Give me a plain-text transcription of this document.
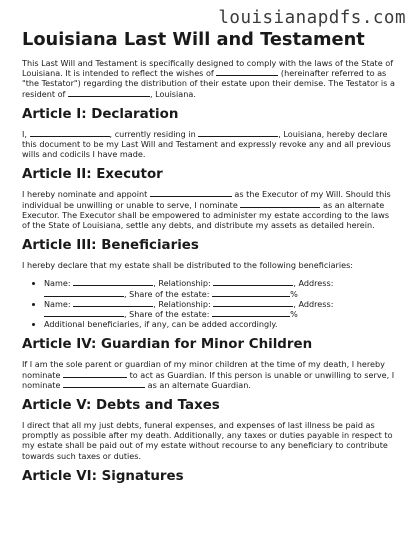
louisianapdfs.com
Louisiana Last Will and Testament

This Last Will and Testament is specifically designed to comply with the laws of the State of Louisiana. It is intended to reflect the wishes of	(hereinafter referred to as "the Testator") regarding the distribution of their estate upon their demise. The Testator is a resident of	, Louisiana.

Article I: Declaration

I,	, currently residing in	, Louisiana, hereby declare this document to be my Last Will and Testament and expressly revoke any and all previous wills and codicils I have made.

Article II: Executor

I hereby nominate and appoint	as the Executor of my Will. Should this individual be unwilling or unable to serve, I nominate	as an alternate Executor. The Executor shall be empowered to administer my estate according to the laws of the State of Louisiana, settle any debts, and distribute my assets as detailed herein.

Article III: Beneficiaries

I hereby declare that my estate shall be distributed to the following beneficiaries:

• Name:	, Relationship:	, Address: , Share of the estate:	%
• Name:	, Relationship:	, Address: , Share of the estate:	%
• Additional beneficiaries, if any, can be added accordingly.
Article IV: Guardian for Minor Children

If I am the sole parent or guardian of my minor children at the time of my death, I hereby nominate	to act as Guardian. If this person is unable or unwilling to serve, I nominate	as an alternate Guardian.

Article V: Debts and Taxes

I direct that all my just debts, funeral expenses, and expenses of last illness be paid as promptly as possible after my death. Additionally, any taxes or duties payable in respect to my estate shall be paid out of my estate without recourse to any beneficiary to contribute towards such taxes or duties.

Article VI: Signatures
